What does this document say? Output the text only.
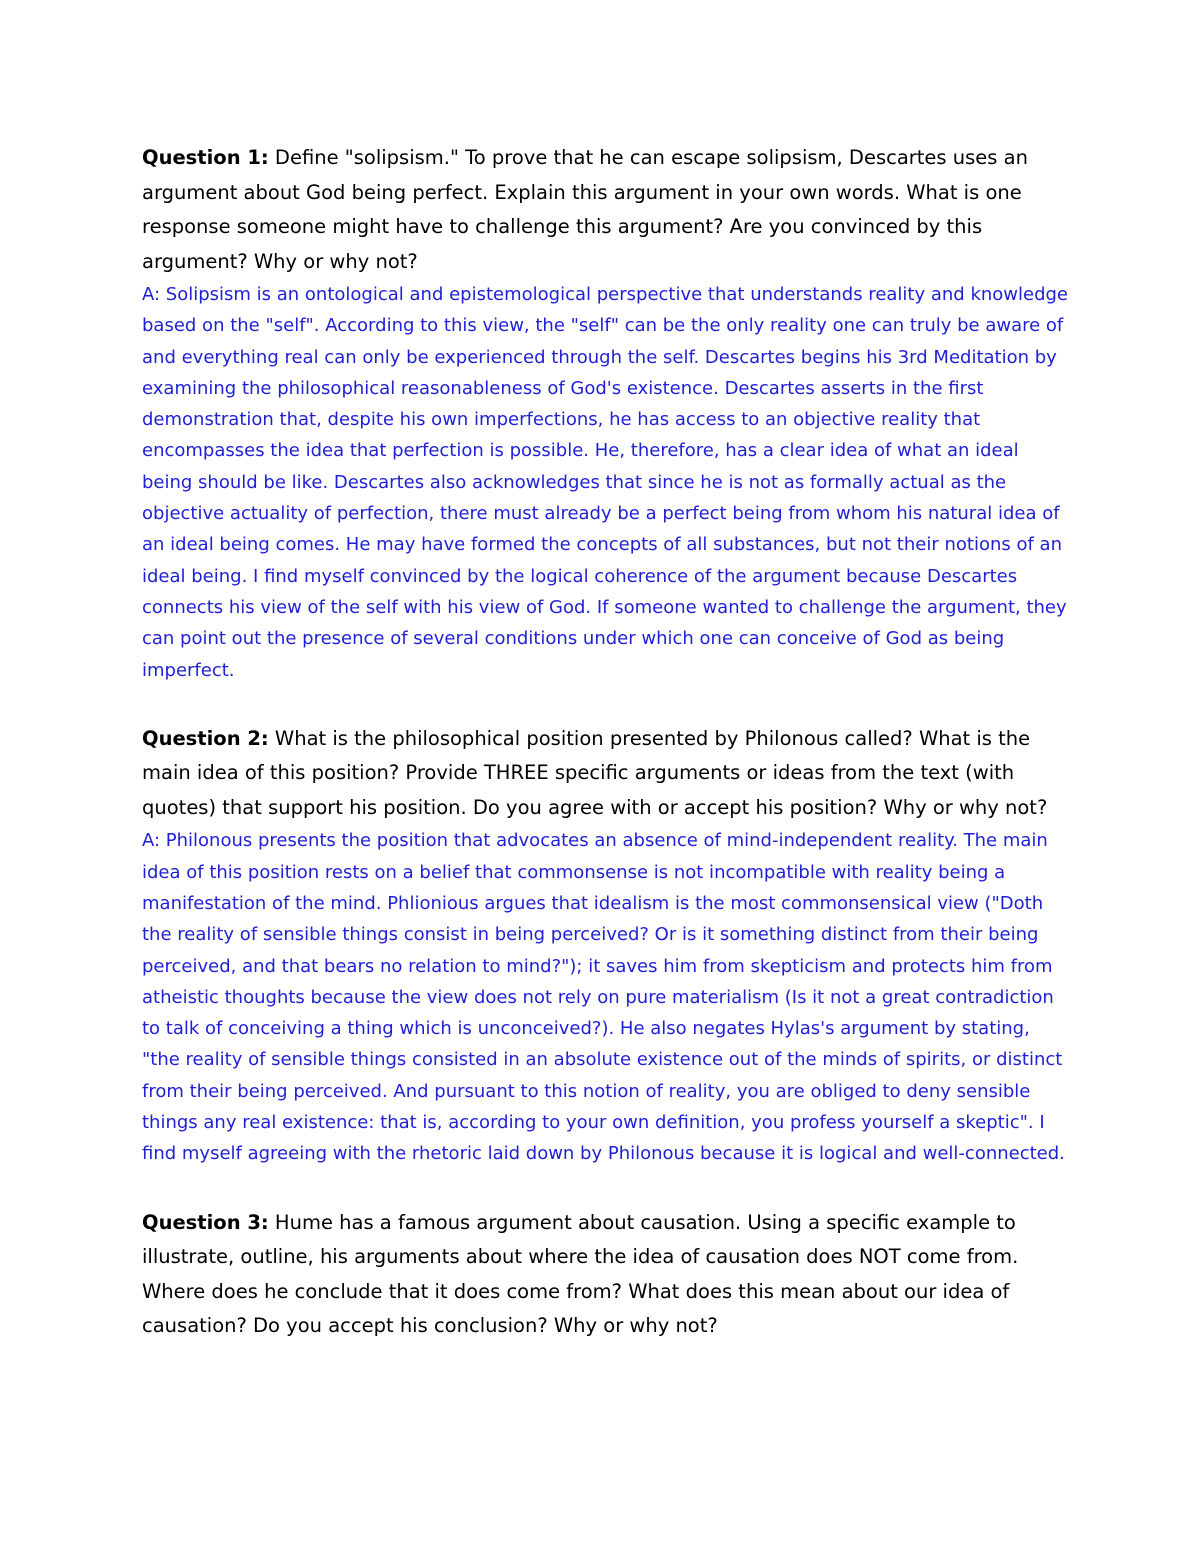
Question 1: Define "solipsism." To prove that he can escape solipsism, Descartes uses an argument about God being perfect. Explain this argument in your own words. What is one response someone might have to challenge this argument? Are you convinced by this argument? Why or why not?

A: Solipsism is an ontological and epistemological perspective that understands reality and knowledge based on the "self". According to this view, the "self" can be the only reality one can truly be aware of and everything real can only be experienced through the self. Descartes begins his 3rd Meditation by examining the philosophical reasonableness of God's existence. Descartes asserts in the first demonstration that, despite his own imperfections, he has access to an objective reality that encompasses the idea that perfection is possible. He, therefore, has a clear idea of what an ideal being should be like. Descartes also acknowledges that since he is not as formally actual as the objective actuality of perfection, there must already be a perfect being from whom his natural idea of an ideal being comes. He may have formed the concepts of all substances, but not their notions of an ideal being. I find myself convinced by the logical coherence of the argument because Descartes connects his view of the self with his view of God. If someone wanted to challenge the argument, they can point out the presence of several conditions under which one can conceive of God as being imperfect.

Question 2: What is the philosophical position presented by Philonous called? What is the main idea of this position? Provide THREE specific arguments or ideas from the text (with quotes) that support his position. Do you agree with or accept his position? Why or why not?

A: Philonous presents the position that advocates an absence of mind-independent reality. The main idea of this position rests on a belief that commonsense is not incompatible with reality being a manifestation of the mind. Phlionious argues that idealism is the most commonsensical view ("Doth the reality of sensible things consist in being perceived? Or is it something distinct from their being perceived, and that bears no relation to mind?"); it saves him from skepticism and protects him from atheistic thoughts because the view does not rely on pure materialism (Is it not a great contradiction to talk of conceiving a thing which is unconceived?). He also negates Hylas's argument by stating, "the reality of sensible things consisted in an absolute existence out of the minds of spirits, or distinct from their being perceived. And pursuant to this notion of reality, you are obliged to deny sensible things any real existence: that is, according to your own definition, you profess yourself a skeptic". I find myself agreeing with the rhetoric laid down by Philonous because it is logical and well-connected.

Question 3: Hume has a famous argument about causation. Using a specific example to illustrate, outline, his arguments about where the idea of causation does NOT come from. Where does he conclude that it does come from? What does this mean about our idea of causation? Do you accept his conclusion? Why or why not?
